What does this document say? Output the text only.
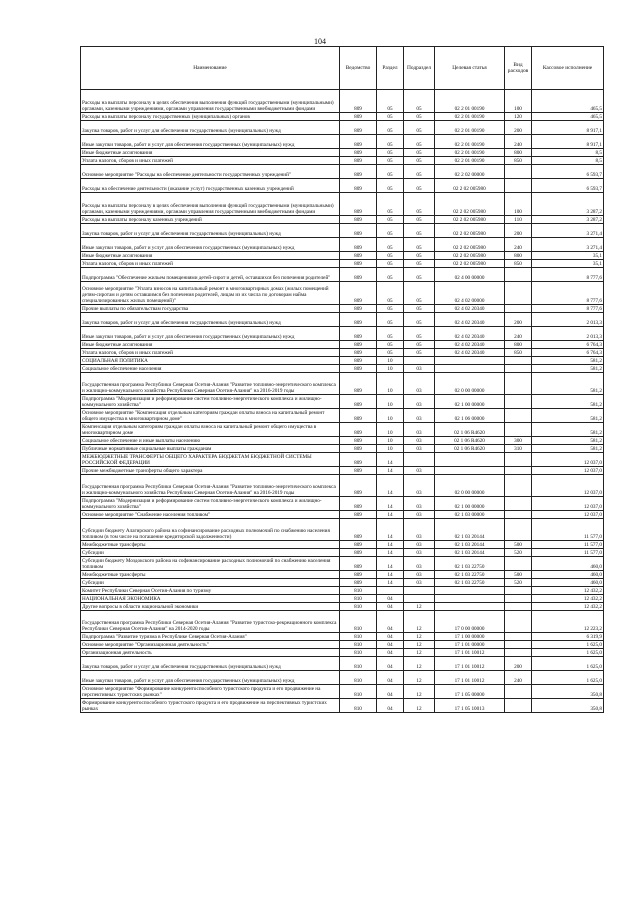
104
Наименование	Ведомство	Раздел	Подраздел	Целевая статья	Вид расходов	Кассовое исполнение
Расходы на выплаты персоналу в целях обеспечения выполнения функций государственными (муниципальными) органами, казенными учреждениями, органами управления государственными внебюджетными фондами	809	05	05	02 2 01 00190	100	465,5
Расходы на выплаты персоналу государственных (муниципальных) органов	809	05	05	02 2 01 00190	120	465,5
Закупка товаров, работ и услуг для обеспечения государственных (муниципальных) нужд	809	05	05	02 2 01 00190	200	8 917,1
Иные закупки товаров, работ и услуг для обеспечения государственных (муниципальных) нужд	809	05	05	02 2 01 00190	240	8 917,1
Иные бюджетные ассигнования	809	05	05	02 2 01 00190	800	8,5
Уплата налогов, сборов и иных платежей	809	05	05	02 2 01 00190	850	8,5
Основное мероприятие "Расходы на обеспечение деятельности государственных учреждений"	809	05	05	02 2 02 00000		6 593,7
Расходы на обеспечение деятельности (оказание услуг) государственных казенных учреждений	809	05	05	02 2 02 005980		6 593,7
Расходы на выплаты персоналу в целях обеспечения выполнения функций государственными (муниципальными) органами, казенными учреждениями, органами управления государственными внебюджетными фондами	809	05	05	02 2 02 005980	100	3 287,2
Расходы на выплаты персоналу казенных учреждений	809	05	05	02 2 02 005980	110	3 287,2
Закупка товаров, работ и услуг для обеспечения государственных (муниципальных) нужд	809	05	05	02 2 02 005980	200	3 271,4
Иные закупки товаров, работ и услуг для обеспечения государственных (муниципальных) нужд	809	05	05	02 2 02 005980	240	3 271,4
Иные бюджетные ассигнования	809	05	05	02 2 02 005980	800	35,1
Уплата налогов, сборов и иных платежей	809	05	05	02 2 02 005980	850	35,1
Подпрограмма "Обеспечение жильем помещениями детей-сирот и детей, оставшихся без попечения родителей"	809	05	05	02 4 00 00000		8 777,6
Основное мероприятие "Уплата взносов на капитальный ремонт в многоквартирных домах (жилых помещений детям-сиротам и детям оставшимся без попечения родителей, лицам из их числа по договорам найма специализированных жилых помещений)"	809	05	05	02 4 02 00000		8 777,6
Прочие выплаты по обязательствам государства	809	05	05	02 4 02 20340		8 777,6
Закупка товаров, работ и услуг для обеспечения государственных (муниципальных) нужд	809	05	05	02 4 02 20340	200	2 013,3
Иные закупки товаров, работ и услуг для обеспечения государственных (муниципальных) нужд	809	05	05	02 4 02 20340	240	2 013,3
Иные бюджетные ассигнования	809	05	05	02 4 02 20340	800	6 764,3
Уплата налогов, сборов и иных платежей	809	05	05	02 4 02 20340	850	6 764,3
СОЦИАЛЬНАЯ ПОЛИТИКА	809	10				581,2
Социальное обеспечение населения	809	10	03			581,2
Государственная программа Республики Северная Осетия-Алания "Развитие топливно-энергетического комплекса и жилищно-коммунального хозяйства Республики Северная Осетия-Алания" на 2016-2019 годы	809	10	03	02 0 00 00000		581,2
Подпрограмма "Модернизация и реформирование систем топливно-энергетического комплекса и жилищно-коммунального хозяйства"	809	10	03	02 1 00 00000		581,2
Основное мероприятие "Компенсация отдельным категориям граждан оплаты взноса на капитальный ремонт общего имущества в многоквартирном доме"	809	10	03	02 1 06 00000		581,2
Компенсация отдельным категориям граждан оплаты взноса на капитальный ремонт общего имущества в многоквартирном доме	809	10	03	02 1 06 R4620		581,2
Социальное обеспечение и иные выплаты населению	809	10	03	02 1 06 R4620	300	581,2
Публичные нормативные социальные выплаты гражданам	809	10	03	02 1 06 R4620	310	581,2
МЕЖБЮДЖЕТНЫЕ ТРАНСФЕРТЫ ОБЩЕГО ХАРАКТЕРА БЮДЖЕТАМ БЮДЖЕТНОЙ СИСТЕМЫ РОССИЙСКОЙ ФЕДЕРАЦИИ	809	14				12 037,0
Прочие межбюджетные трансферты общего характера	809	14	03			12 037,0
Государственная программа Республики Северная Осетия-Алания "Развитие топливно-энергетического комплекса и жилищно-коммунального хозяйства Республики Северная Осетия-Алания" на 2016-2019 годы	809	14	03	02 0 00 00000		12 037,0
Подпрограмма "Модернизация и реформирование систем топливно-энергетического комплекса и жилищно-коммунального хозяйства"	809	14	03	02 1 00 00000		12 037,0
Основное мероприятие "Снабжение населения топливом"	809	14	03	02 1 03 00000		12 037,0
Субсидии бюджету Алагирского района на софинансирование расходных полномочий по снабжению населения топливом (в том числе на погашение кредиторской задолженности)	809	14	03	02 1 03 20144		11 577,0
Межбюджетные трансферты	809	14	03	02 1 03 20144	500	11 577,0
Субсидии	809	14	03	02 1 03 20144	520	11 577,0
Субсидии бюджету Моздокского района на софинансирование расходных полномочий по снабжению населения топливом	809	14	03	02 1 03 22750		460,0
Межбюджетные трансферты	809	14	03	02 1 03 22750	500	460,0
Субсидии	809	14	03	02 1 03 22750	520	460,0
Комитет Республики Северная Осетия-Алания по туризму	810					12 432,2
НАЦИОНАЛЬНАЯ ЭКОНОМИКА	810	04				12 432,2
Другие вопросы в области национальной экономики	810	04	12			12 432,2
Государственная программа Республики Северная Осетия-Алания "Развитие туристско-рекреационного комплекса Республики Северная Осетия-Алания" на 2014-2020 годы	810	04	12	17 0 00 00000		12 223,2
Подпрограмма "Развитие туризма в Республике Северная Осетия-Алания"	810	04	12	17 1 00 00000		6 319,9
Основное мероприятие "Организационная деятельность"	810	04	12	17 1 01 00000		1 625,0
Организационная деятельность	810	04	12	17 1 01 10012		1 625,0
Закупка товаров, работ и услуг для обеспечения государственных (муниципальных) нужд	810	04	12	17 1 01 10012	200	1 625,0
Иные закупки товаров, работ и услуг для обеспечения государственных (муниципальных) нужд	810	04	12	17 1 01 10012	240	1 625,0
Основное мероприятие "Формирование конкурентоспособного туристского продукта и его продвижение на перспективных туристских рынках"	810	04	12	17 1 05 00000		350,8
Формирование конкурентоспособного туристского продукта и его продвижение на перспективных туристских рынках	810	04	12	17 1 05 10013		350,8
